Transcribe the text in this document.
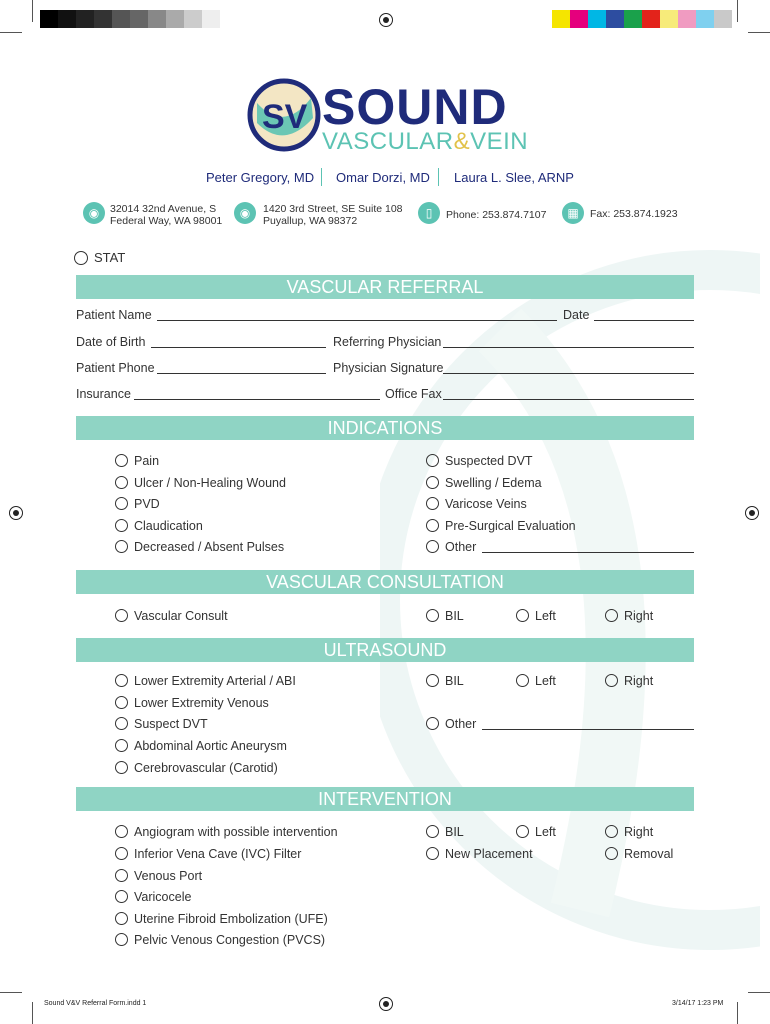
SV SOUND
VASCULAR&VEIN
Peter Gregory, MD Omar Dorzi, MD Laura L. Slee, ARNP
◉	32014 32nd Avenue, S
Federal Way, WA 98001
◉	1420 3rd Street, SE Suite 108
Puyallup, WA 98372
▯	Phone: 253.874.7107	▦	Fax: 253.874.1923
STAT
VASCULAR REFERRAL
Patient Name	Date
Date of Birth	Referring Physician
Patient Phone	Physician Signature
Insurance	Office Fax
INDICATIONS
Pain
Ulcer / Non-Healing Wound
PVD
Claudication
Decreased / Absent Pulses
Suspected DVT
Swelling / Edema
Varicose Veins
Pre-Surgical Evaluation
Other
VASCULAR CONSULTATION
Vascular Consult	BIL	Left	Right
ULTRASOUND
Lower Extremity Arterial / ABI
Lower Extremity Venous
Suspect DVT
Abdominal Aortic Aneurysm
Cerebrovascular (Carotid)
BIL	Left	Right
Other
INTERVENTION
Angiogram with possible intervention
Inferior Vena Cave (IVC) Filter
Venous Port
Varicocele
Uterine Fibroid Embolization (UFE)
Pelvic Venous Congestion (PVCS)
BIL	Left	Right
New Placement	Removal
Sound V&V Referral Form.indd 1	3/14/17 1:23 PM
